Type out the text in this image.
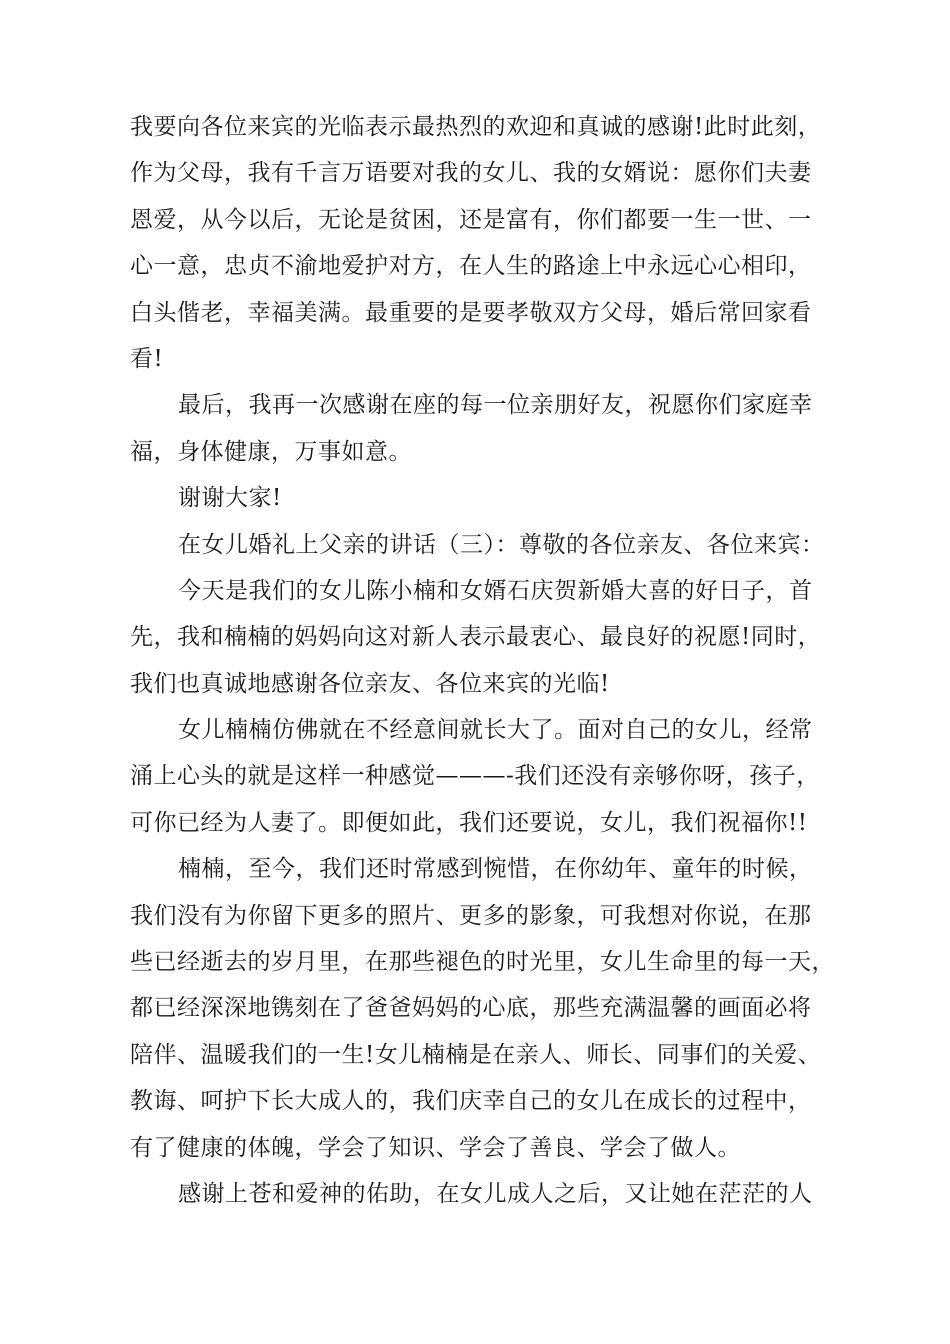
我要向各位来宾的光临表示最热烈的欢迎和真诚的感谢!此时此刻，
作为父母，我有千言万语要对我的女儿、我的女婿说：愿你们夫妻
恩爱，从今以后，无论是贫困，还是富有，你们都要一生一世、一
心一意，忠贞不渝地爱护对方，在人生的路途上中永远心心相印，
白头偕老，幸福美满。最重要的是要孝敬双方父母，婚后常回家看
看!
最后，我再一次感谢在座的每一位亲朋好友，祝愿你们家庭幸
福，身体健康，万事如意。
谢谢大家!
在女儿婚礼上父亲的讲话（三）：尊敬的各位亲友、各位来宾：
今天是我们的女儿陈小楠和女婿石庆贺新婚大喜的好日子，首
先，我和楠楠的妈妈向这对新人表示最衷心、最良好的祝愿!同时，
我们也真诚地感谢各位亲友、各位来宾的光临!
女儿楠楠仿佛就在不经意间就长大了。面对自己的女儿，经常
涌上心头的就是这样一种感觉———-我们还没有亲够你呀，孩子，
可你已经为人妻了。即便如此，我们还要说，女儿，我们祝福你!!
楠楠，至今，我们还时常感到惋惜，在你幼年、童年的时候，
我们没有为你留下更多的照片、更多的影象，可我想对你说，在那
些已经逝去的岁月里，在那些褪色的时光里，女儿生命里的每一天，
都已经深深地镌刻在了爸爸妈妈的心底，那些充满温馨的画面必将
陪伴、温暖我们的一生!女儿楠楠是在亲人、师长、同事们的关爱、
教诲、呵护下长大成人的，我们庆幸自己的女儿在成长的过程中，
有了健康的体魄，学会了知识、学会了善良、学会了做人。
感谢上苍和爱神的佑助，在女儿成人之后，又让她在茫茫的人
